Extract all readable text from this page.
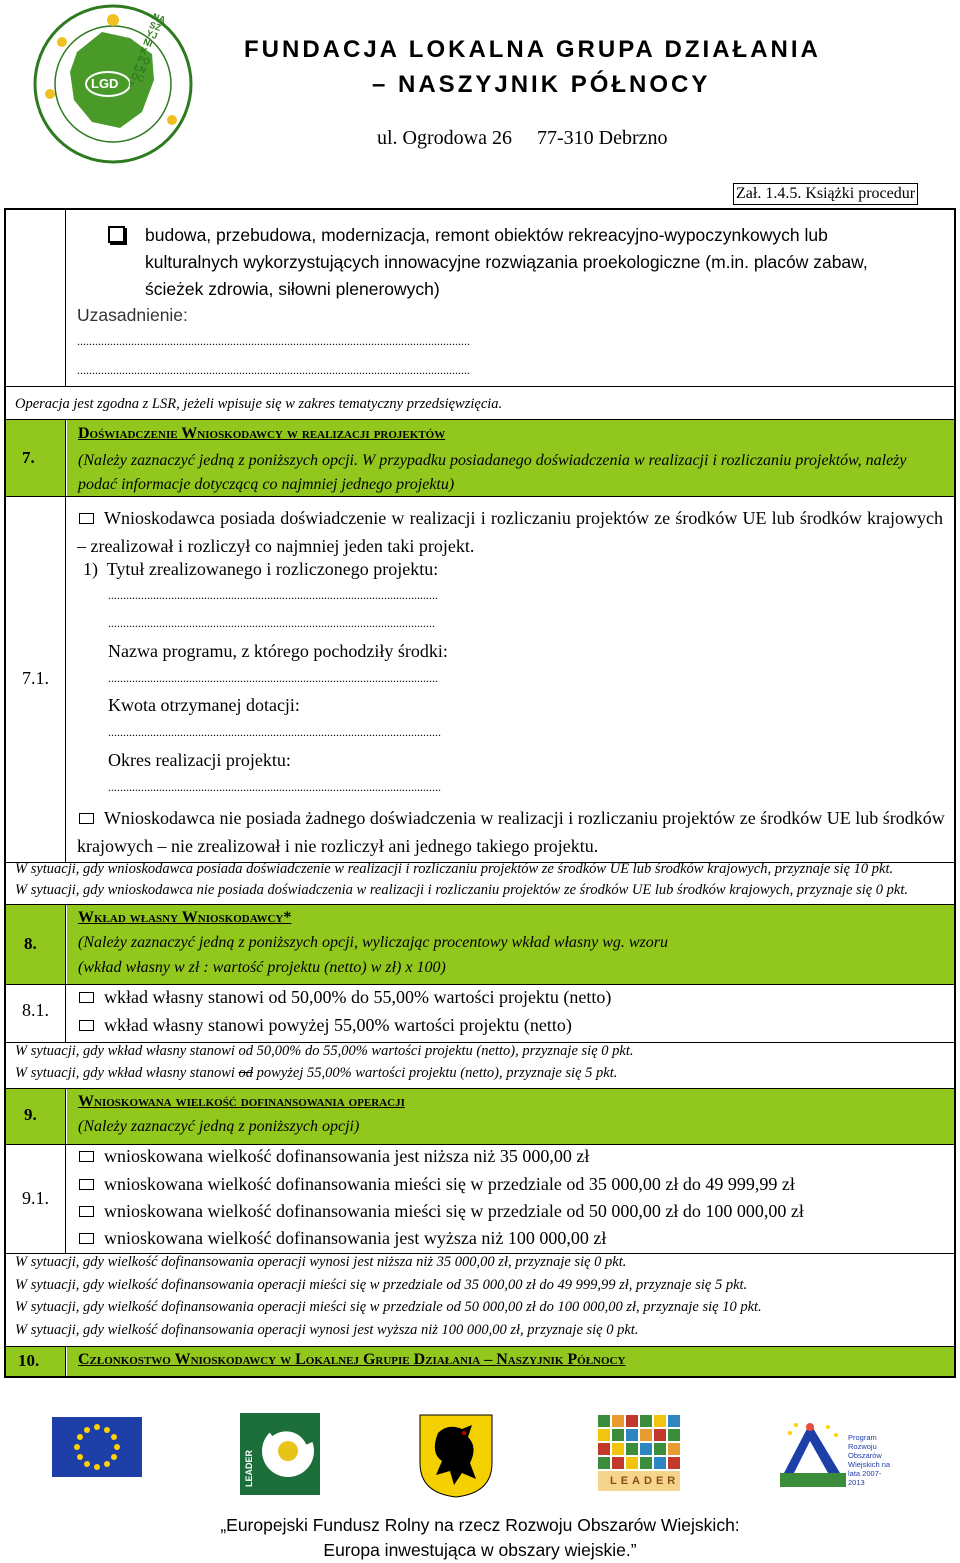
LGD
NASZYJNIK PÓŁNOCY
FUNDACJA LOKALNA GRUPA DZIAŁANIA
– NASZYJNIK PÓŁNOCY
ul. Ogrodowa 26     77-310 Debrzno
Zał. 1.4.5. Książki procedur
budowa, przebudowa, modernizacja, remont obiektów rekreacyjno-wypoczynkowych lub kulturalnych wykorzystujących innowacyjne rozwiązania proekologiczne (m.in. placów zabaw, ścieżek zdrowia, siłowni plenerowych)
Uzasadnienie:
...................................................................................................................................
...................................................................................................................................
Operacja jest zgodna z LSR, jeżeli wpisuje się w zakres tematyczny przedsięwzięcia.
7.
Doświadczenie Wnioskodawcy w realizacji projektów
(Należy zaznaczyć jedną z poniższych opcji. W przypadku posiadanego doświadczenia w realizacji i rozliczaniu projektów, należy podać informacje dotyczącą co najmniej jednego projektu)
7.1.
Wnioskodawca posiada doświadczenie w realizacji i rozliczaniu projektów ze środków UE lub środków krajowych – zrealizował i rozliczył co najmniej jeden taki projekt.
1)  Tytuł zrealizowanego i rozliczonego projektu:
..............................................................................................................
.............................................................................................................
Nazwa programu, z którego pochodziły środki:
..............................................................................................................
Kwota otrzymanej dotacji:
...............................................................................................................
Okres realizacji projektu:
...............................................................................................................
Wnioskodawca nie posiada żadnego doświadczenia w realizacji i rozliczaniu projektów ze środków UE lub środków krajowych – nie zrealizował i nie rozliczył ani jednego takiego projektu.
W sytuacji, gdy wnioskodawca posiada doświadczenie w realizacji i rozliczaniu projektów ze środków UE lub środków krajowych, przyznaje się 10 pkt.
W sytuacji, gdy wnioskodawca nie posiada doświadczenia w realizacji i rozliczaniu projektów ze środków UE lub środków krajowych, przyznaje się 0 pkt.
8.
Wkład własny Wnioskodawcy*
(Należy zaznaczyć jedną z poniższych opcji, wyliczając procentowy wkład własny wg. wzoru
(wkład własny w zł : wartość projektu (netto) w zł) x 100)
8.1.
wkład własny stanowi od 50,00% do 55,00% wartości projektu (netto)
wkład własny stanowi powyżej 55,00% wartości projektu (netto)
W sytuacji, gdy wkład własny stanowi od 50,00% do 55,00% wartości projektu (netto), przyznaje się 0 pkt.
W sytuacji, gdy wkład własny stanowi od powyżej 55,00% wartości projektu (netto), przyznaje się 5 pkt.
9.
Wnioskowana wielkość dofinansowania operacji
(Należy zaznaczyć jedną z poniższych opcji)
9.1.
wnioskowana wielkość dofinansowania jest niższa niż 35 000,00 zł
wnioskowana wielkość dofinansowania mieści się w przedziale od 35 000,00 zł do 49 999,99 zł
wnioskowana wielkość dofinansowania mieści się w przedziale od 50 000,00 zł do 100 000,00 zł
wnioskowana wielkość dofinansowania jest wyższa niż 100 000,00 zł
W sytuacji, gdy wielkość dofinansowania operacji wynosi jest niższa niż 35 000,00 zł, przyznaje się 0 pkt.
W sytuacji, gdy wielkość dofinansowania operacji mieści się w przedziale od 35 000,00 zł do 49 999,99 zł, przyznaje się 5 pkt.
W sytuacji, gdy wielkość dofinansowania operacji mieści się w przedziale od 50 000,00 zł do 100 000,00 zł, przyznaje się 10 pkt.
W sytuacji, gdy wielkość dofinansowania operacji wynosi jest wyższa niż 100 000,00 zł, przyznaje się 0 pkt.
10. Członkostwo Wnioskodawcy w Lokalnej Grupie Działania – Naszyjnik Północy
LEADER	LEADER
Program Rozwoju Obszarów Wiejskich na lata 2007-2013
„Europejski Fundusz Rolny na rzecz Rozwoju Obszarów Wiejskich:
Europa inwestująca w obszary wiejskie.”
